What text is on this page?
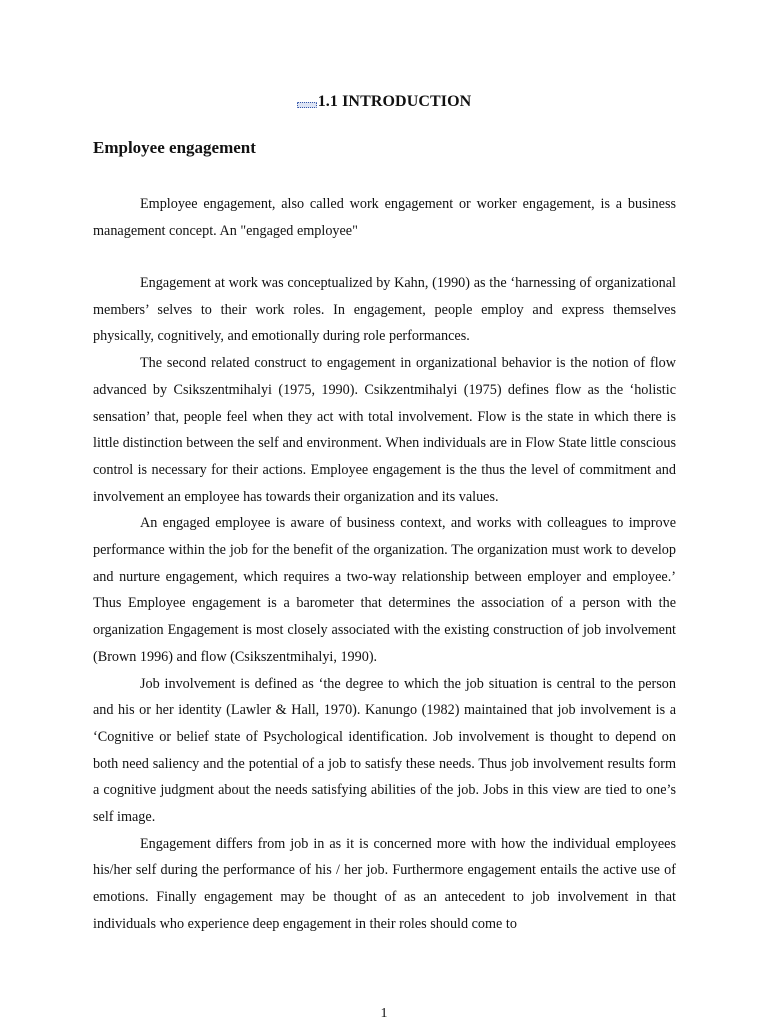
1.1 INTRODUCTION
Employee engagement

Employee engagement, also called work engagement or worker engagement, is a business management concept. An "engaged employee"

Engagement at work was conceptualized by Kahn, (1990) as the ‘harnessing of organizational members’ selves to their work roles. In engagement, people employ and express themselves physically, cognitively, and emotionally during role performances.

The second related construct to engagement in organizational behavior is the notion of flow advanced by Csikszentmihalyi (1975, 1990). Csikzentmihalyi (1975) defines flow as the ‘holistic sensation’ that, people feel when they act with total involvement. Flow is the state in which there is little distinction between the self and environment. When individuals are in Flow State little conscious control is necessary for their actions. Employee engagement is the thus the level of commitment and involvement an employee has towards their organization and its values.

An engaged employee is aware of business context, and works with colleagues to improve performance within the job for the benefit of the organization. The organization must work to develop and nurture engagement, which requires a two-way relationship between employer and employee.’ Thus Employee engagement is a barometer that determines the association of a person with the organization Engagement is most closely associated with the existing construction of job involvement (Brown 1996) and flow (Csikszentmihalyi, 1990).

Job involvement is defined as ‘the degree to which the job situation is central to the person and his or her identity (Lawler & Hall, 1970). Kanungo (1982) maintained that job involvement is a ‘Cognitive or belief state of Psychological identification. Job involvement is thought to depend on both need saliency and the potential of a job to satisfy these needs. Thus job involvement results form a cognitive judgment about the needs satisfying abilities of the job. Jobs in this view are tied to one’s self image.

Engagement differs from job in as it is concerned more with how the individual employees his/her self during the performance of his / her job. Furthermore engagement entails the active use of emotions. Finally engagement may be thought of as an antecedent to job involvement in that individuals who experience deep engagement in their roles should come to

1
